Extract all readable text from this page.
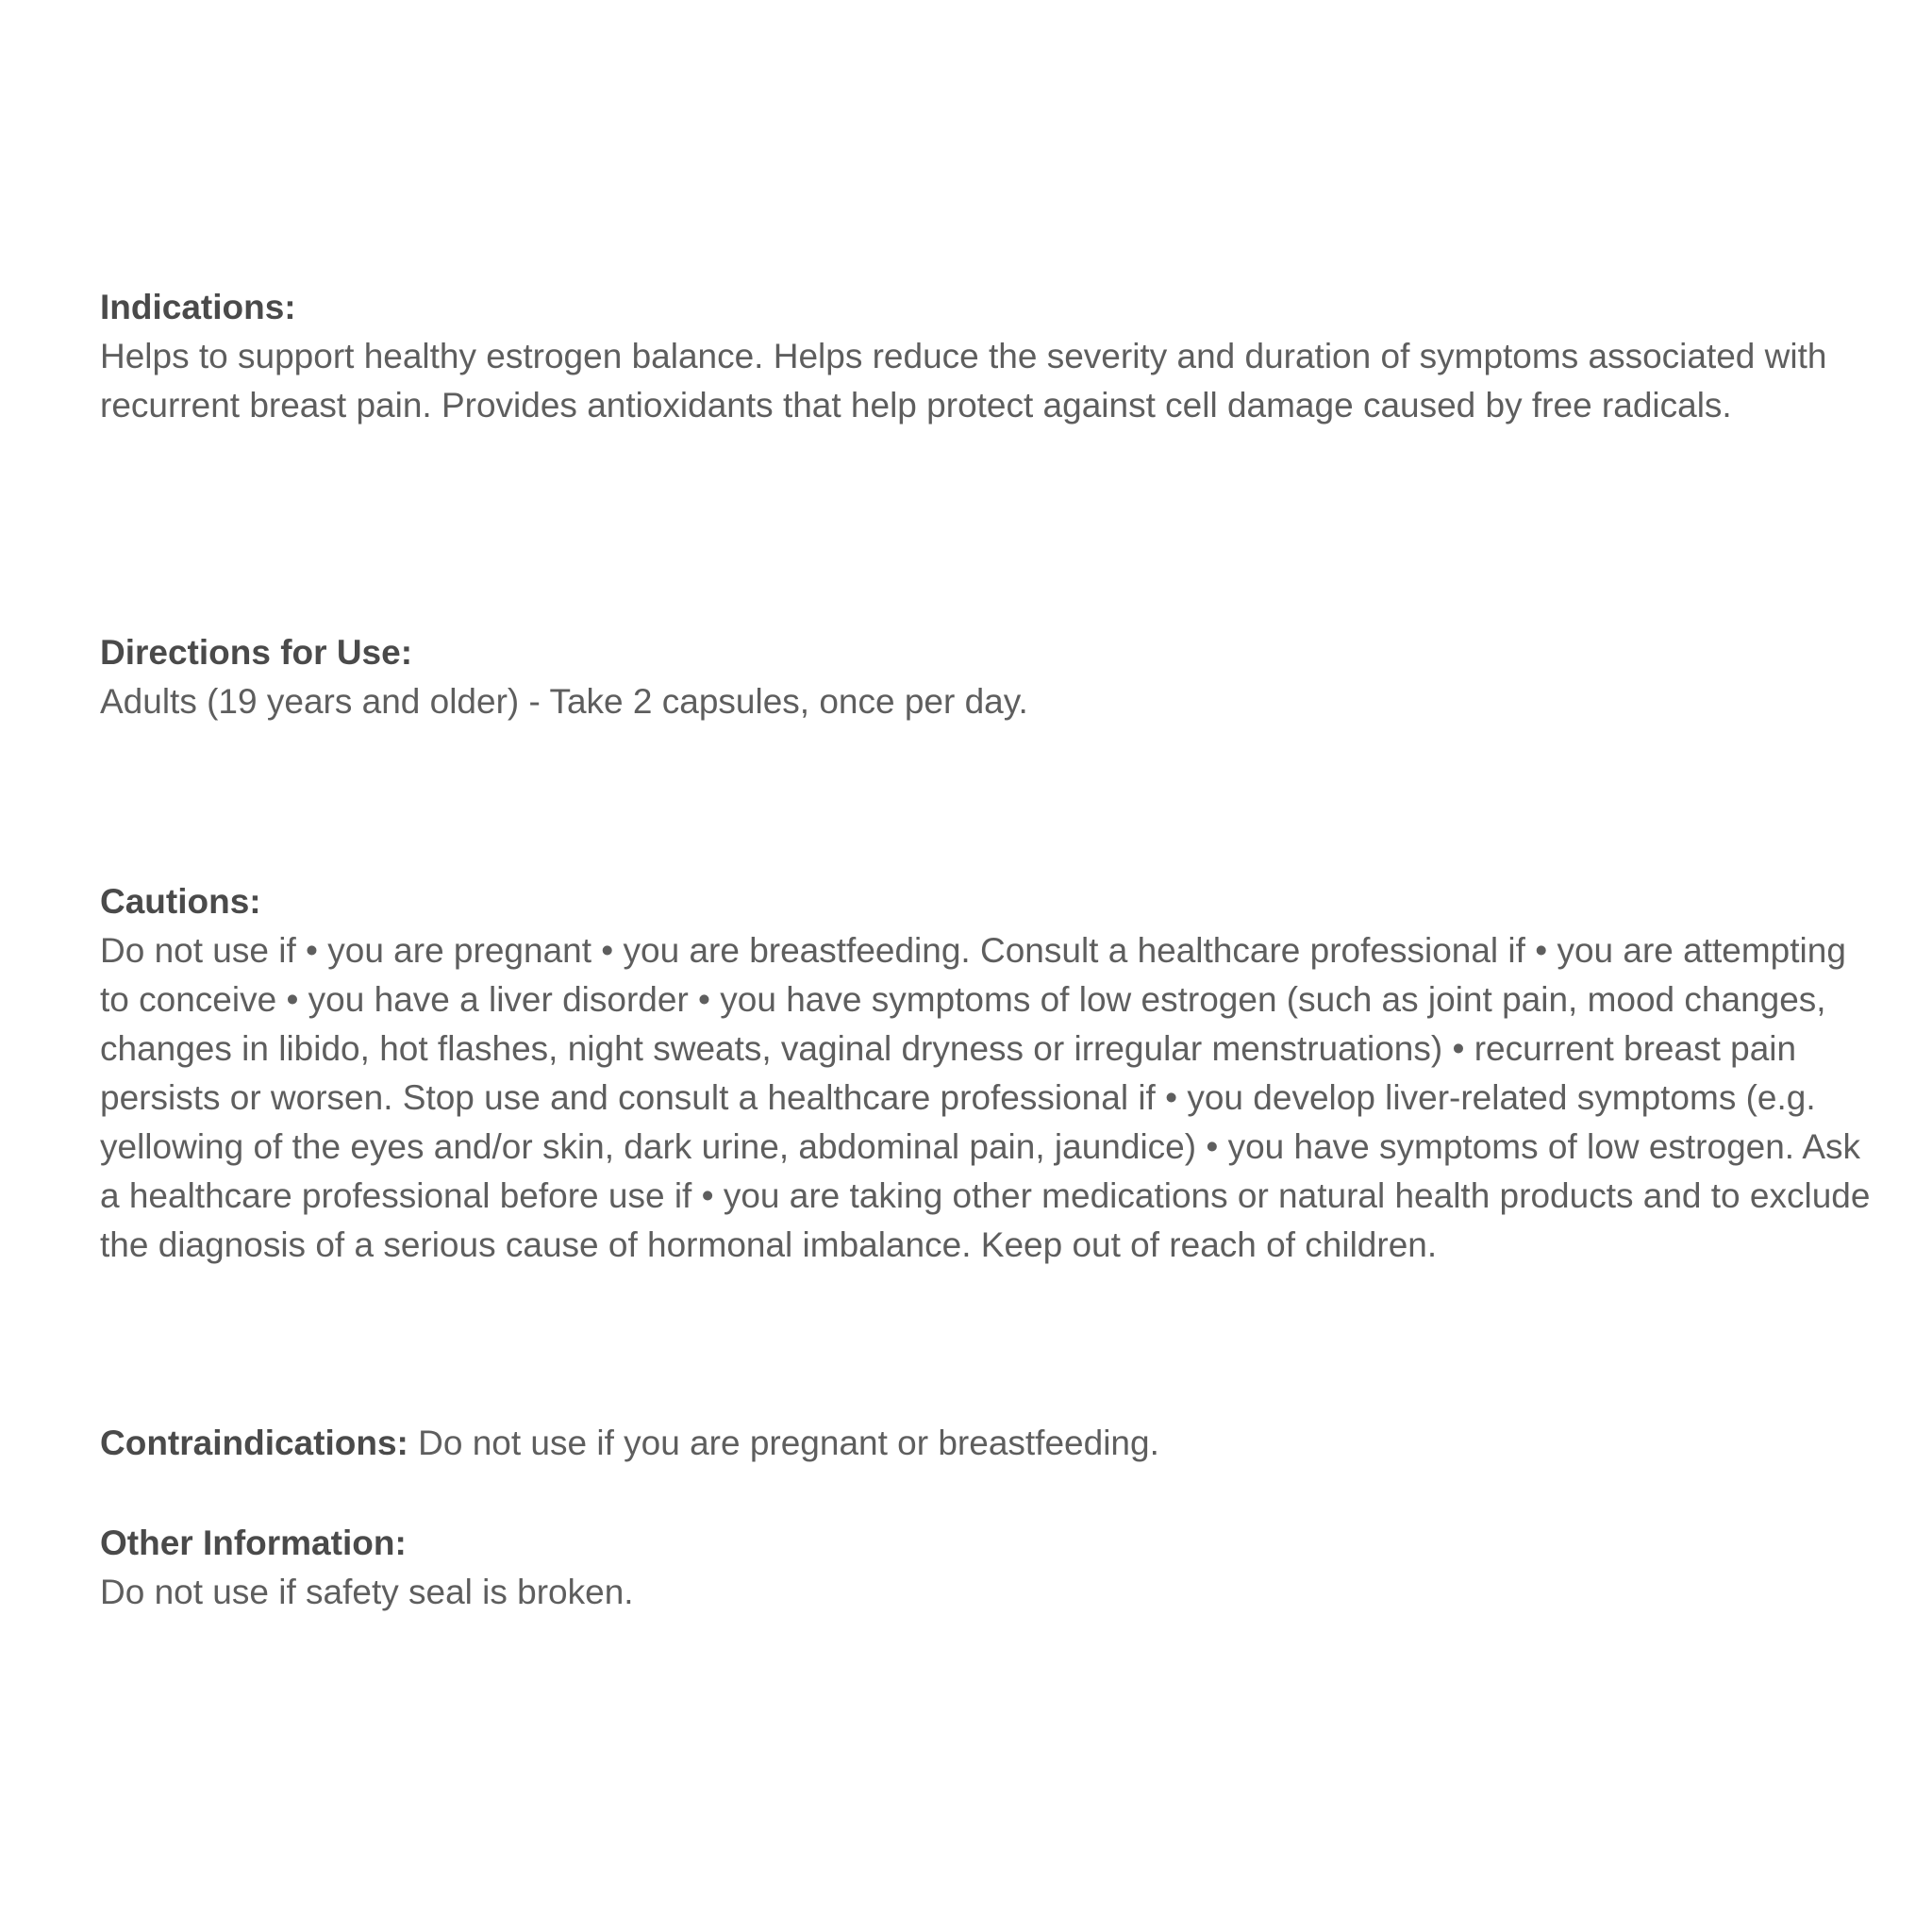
Indications:
Helps to support healthy estrogen balance. Helps reduce the severity and duration of symptoms associated with recurrent breast pain. Provides antioxidants that help protect against cell damage caused by free radicals.
Directions for Use:
Adults (19 years and older) - Take 2 capsules, once per day.
Cautions:
Do not use if • you are pregnant • you are breastfeeding. Consult a healthcare professional if • you are attempting to conceive • you have a liver disorder • you have symptoms of low estrogen (such as joint pain, mood changes, changes in libido, hot flashes, night sweats, vaginal dryness or irregular menstruations) • recurrent breast pain persists or worsen. Stop use and consult a healthcare professional if • you develop liver-related symptoms (e.g. yellowing of the eyes and/or skin, dark urine, abdominal pain, jaundice) • you have symptoms of low estrogen. Ask a healthcare professional before use if • you are taking other medications or natural health products and to exclude the diagnosis of a serious cause of hormonal imbalance. Keep out of reach of children.
Contraindications: Do not use if you are pregnant or breastfeeding.
Other Information:
Do not use if safety seal is broken.
